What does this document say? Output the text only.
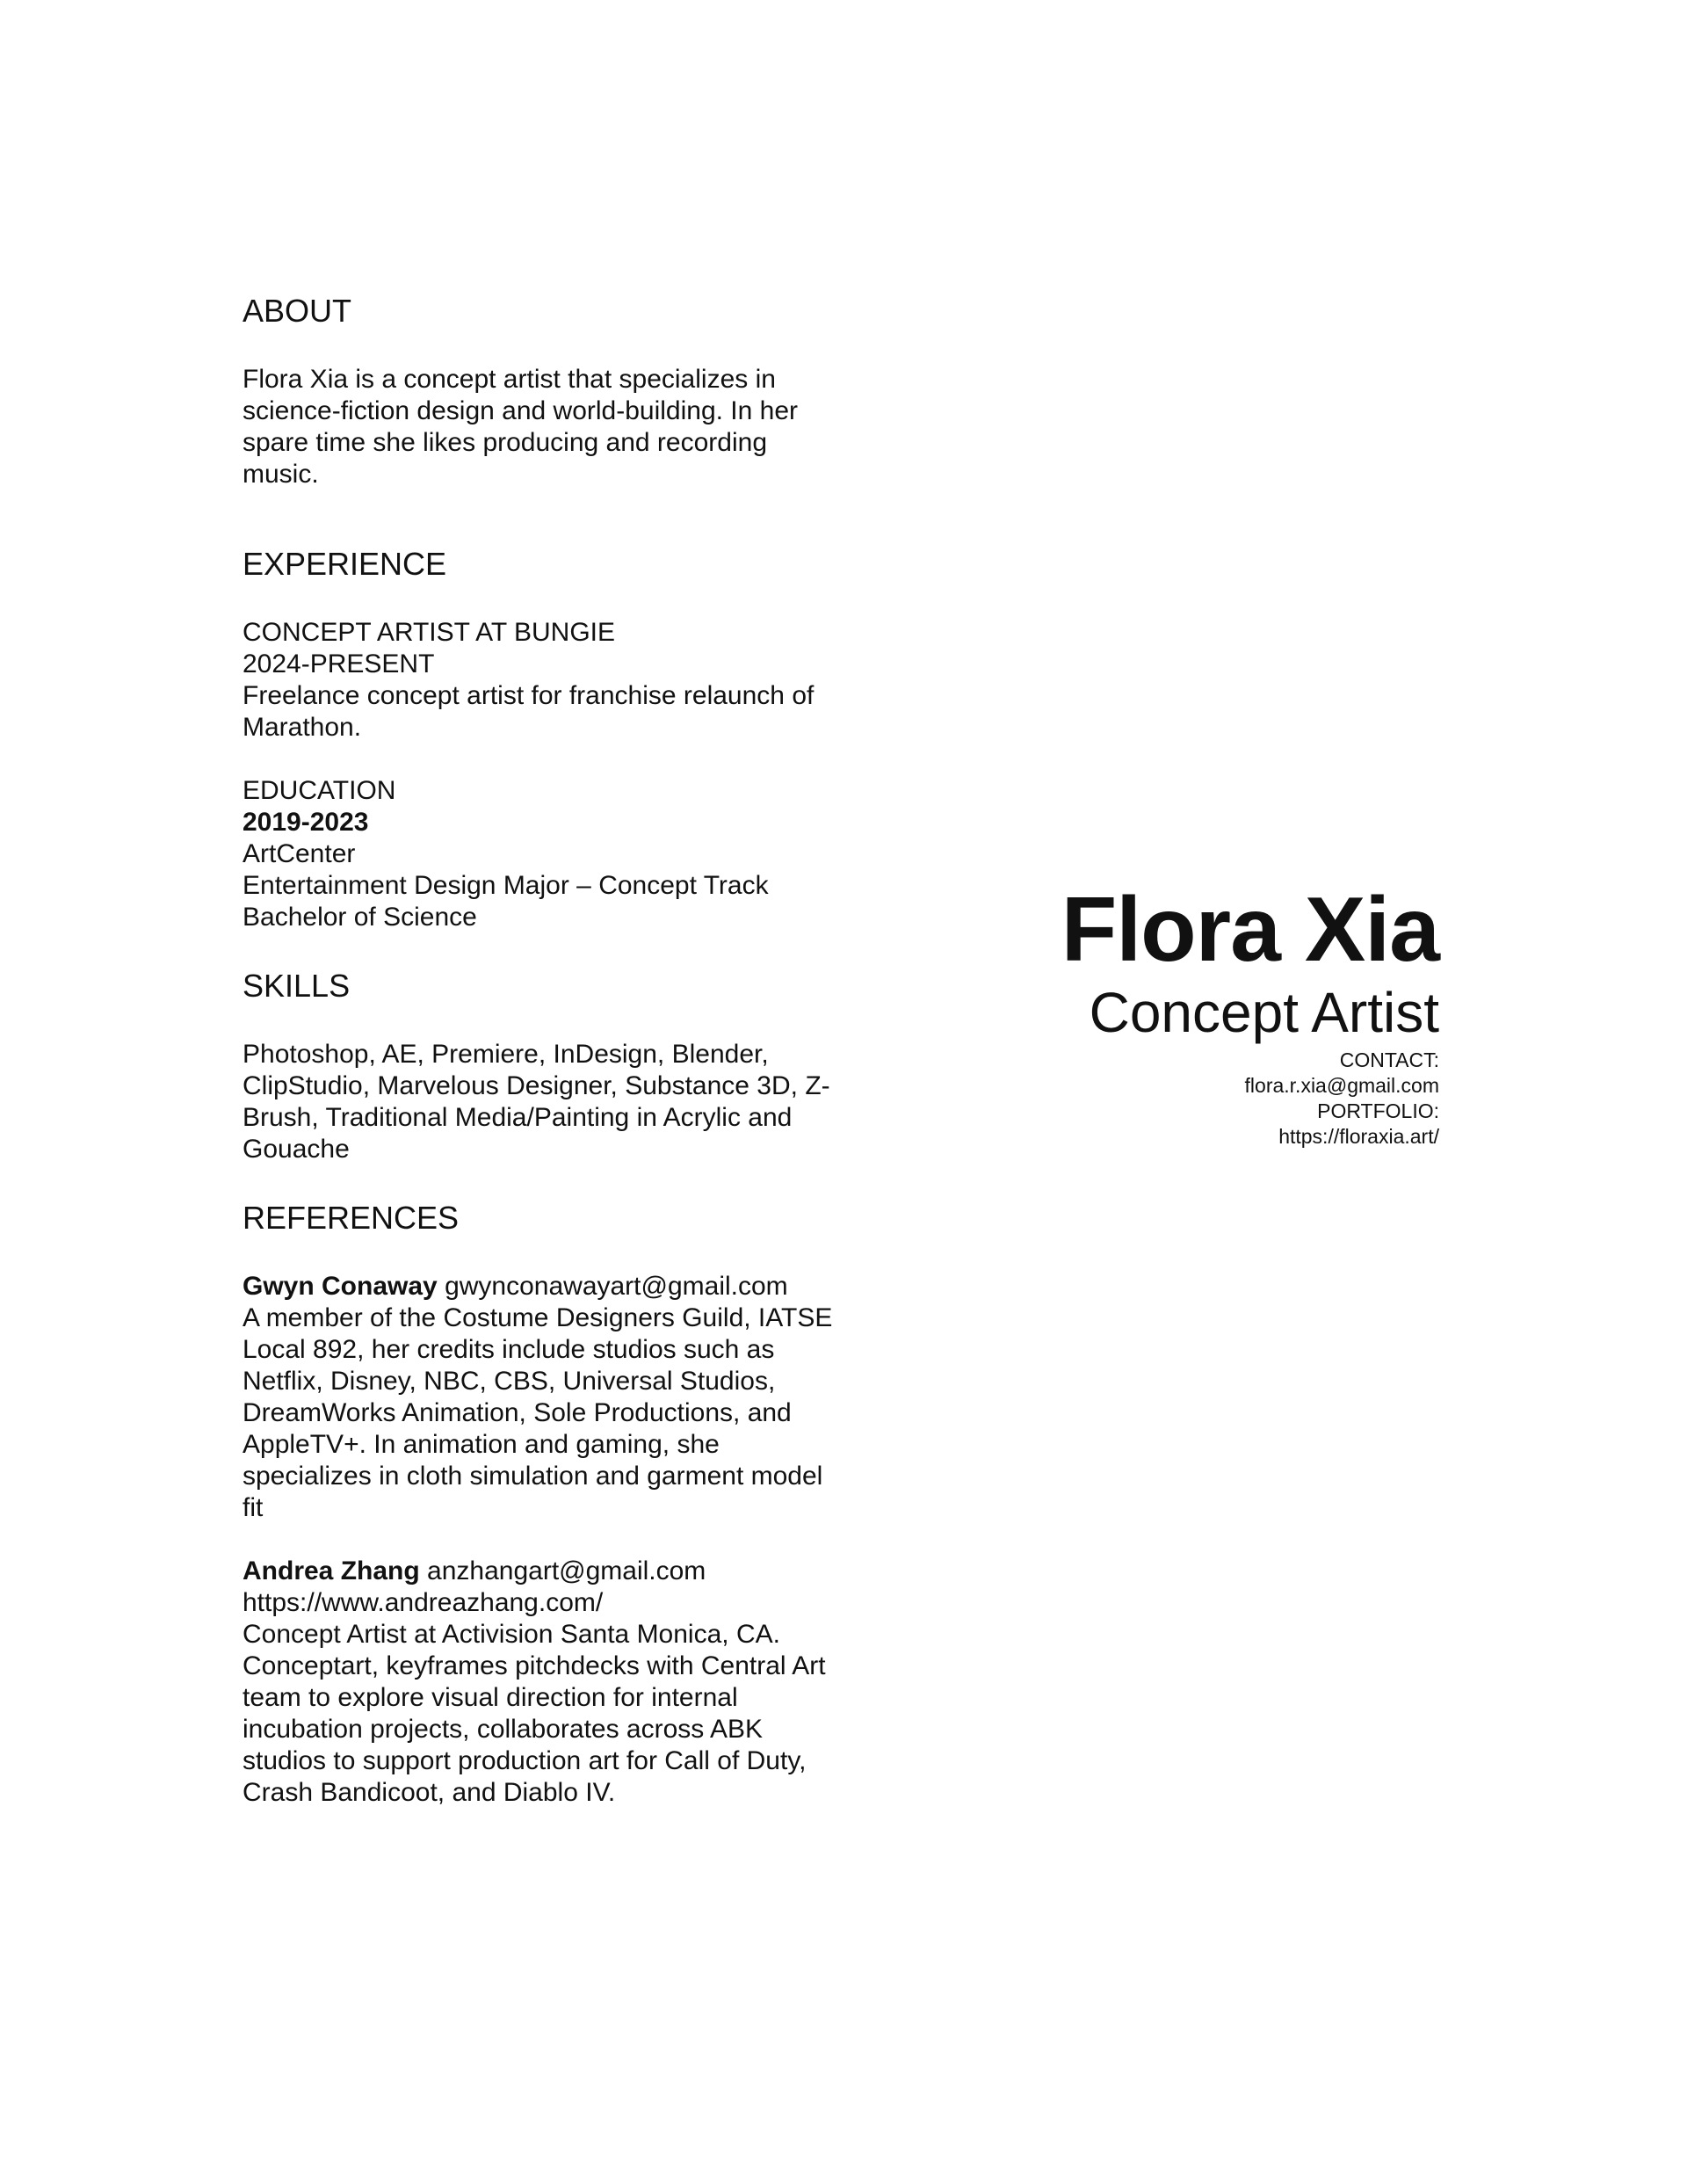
ABOUT

Flora Xia is a concept artist that specializes in science-fiction design and world-building. In her spare time she likes producing and recording music.

EXPERIENCE
CONCEPT ARTIST AT BUNGIE
2024-PRESENT
Freelance concept artist for franchise relaunch of Marathon.
EDUCATION
2019-2023
ArtCenter
Entertainment Design Major – Concept Track
Bachelor of Science
SKILLS

Photoshop, AE, Premiere, InDesign, Blender, ClipStudio, Marvelous Designer, Substance 3D, Z-Brush, Traditional Media/Painting in Acrylic and Gouache

REFERENCES
Gwyn Conaway gwynconawayart@gmail.com
A member of the Costume Designers Guild, IATSE Local 892, her credits include studios such as Netflix, Disney, NBC, CBS, Universal Studios, DreamWorks Animation, Sole Productions, and AppleTV+. In animation and gaming, she specializes in cloth simulation and garment model fit
Andrea Zhang anzhangart@gmail.com
https://www.andreazhang.com/
Concept Artist at Activision Santa Monica, CA. Conceptart, keyframes pitchdecks with Central Art team to explore visual direction for internal incubation projects, collaborates across ABK studios to support production art for Call of Duty, Crash Bandicoot, and Diablo IV.
Flora Xia
Concept Artist
CONTACT:
flora.r.xia@gmail.com
PORTFOLIO:
https://floraxia.art/
